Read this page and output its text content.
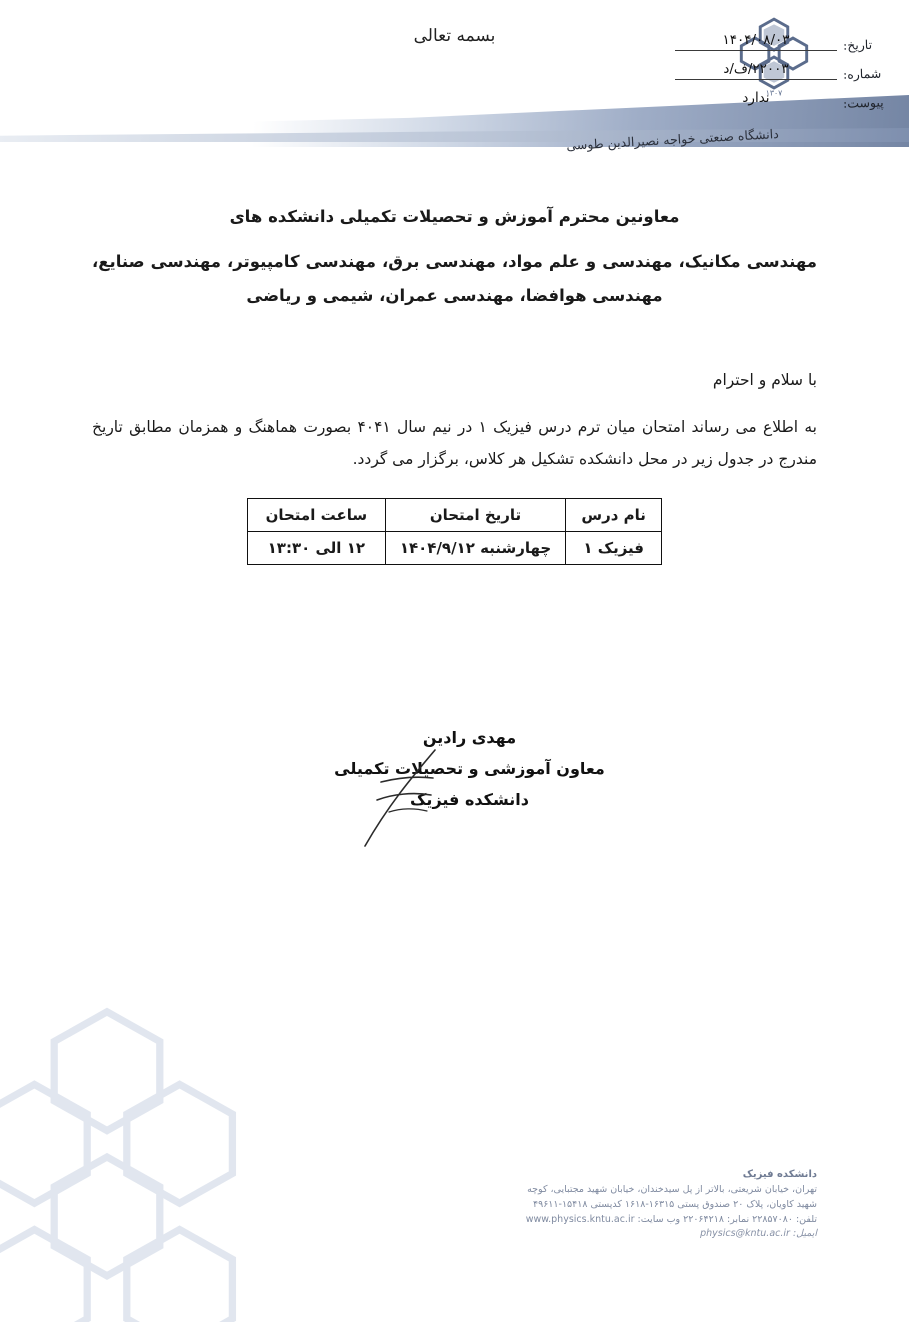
۱۳۰۷
بسمه تعالی
دانشگاه صنعتی خواجه نصیرالدین طوسی
تاریخ:
۱۴۰۴/۰۸/۰۳
شماره:
۲۲۰۰۳/ف/د
پیوست:
ندارد

معاونین محترم آموزش و تحصیلات تکمیلی دانشکده های

مهندسی مکانیک، مهندسی و علم مواد، مهندسی برق، مهندسی کامپیوتر، مهندسی صنایع، مهندسی هوافضا، مهندسی عمران، شیمی و ریاضی

با سلام و احترام

به اطلاع می رساند امتحان میان ترم درس فیزیک ۱ در نیم سال ۴۰۴۱ بصورت هماهنگ و همزمان مطابق تاریخ مندرج در جدول زیر در محل دانشکده تشکیل هر کلاس، برگزار می گردد.

نام درس	تاریخ امتحان	ساعت امتحان
فیزیک ۱	چهارشنبه ۱۴۰۴/۹/۱۲	۱۲ الی ۱۳:۳۰
مهدی رادین
معاون آموزشی و تحصیلات تکمیلی
دانشکده فیزیک
دانشکده فیزیک
تهران، خیابان شریعتی، بالاتر از پل سیدخندان، خیابان شهید مجتبایی، کوچه
شهید کاویان، پلاک ۲۰ صندوق پستی ۱۶۳۱۵-۱۶۱۸ کدپستی ۱۵۴۱۸-۴۹۶۱۱
تلفن: ۲۲۸۵۷۰۸۰ نمابر: ۲۲۰۶۴۲۱۸ وب سایت: www.physics.kntu.ac.ir
ایمیل: physics@kntu.ac.ir
